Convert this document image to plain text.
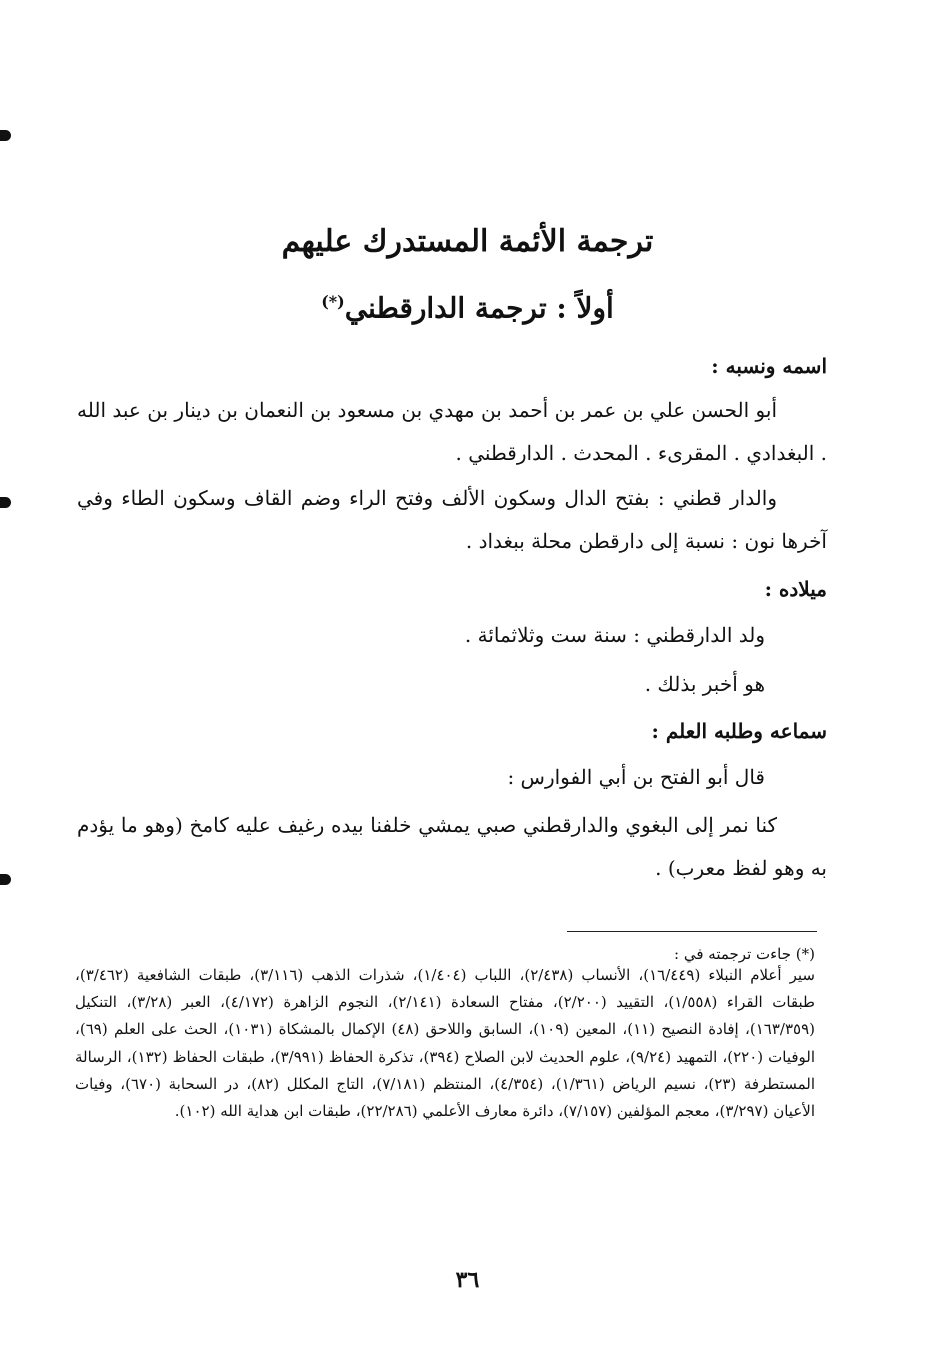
ترجمة الأئمة المستدرك عليهم
أولاً : ترجمة الدارقطني(*)
اسمه ونسبه :

أبو الحسن علي بن عمر بن أحمد بن مهدي بن مسعود بن النعمان بن دينار بن عبد الله . البغدادي . المقرىء . المحدث . الدارقطني .

والدار قطني : بفتح الدال وسكون الألف وفتح الراء وضم القاف وسكون الطاء وفي آخرها نون : نسبة إلى دارقطن محلة ببغداد .

ميلاده :

ولد الدارقطني : سنة ست وثلاثمائة .

هو أخبر بذلك .

سماعه وطلبه العلم :

قال أبو الفتح بن أبي الفوارس :

كنا نمر إلى البغوي والدارقطني صبي يمشي خلفنا بيده رغيف عليه كامخ (وهو ما يؤدم به وهو لفظ معرب) .

(*) جاءت ترجمته في :

سير أعلام النبلاء (١٦/٤٤٩)، الأنساب (٢/٤٣٨)، اللباب (١/٤٠٤)، شذرات الذهب (٣/١١٦)، طبقات الشافعية (٣/٤٦٢)، طبقات القراء (١/٥٥٨)، التقييد (٢/٢٠٠)، مفتاح السعادة (٢/١٤١)، النجوم الزاهرة (٤/١٧٢)، العبر (٣/٢٨)، التنكيل (١٦٣/٣٥٩)، إفادة النصيح (١١)، المعين (١٠٩)، السابق واللاحق (٤٨) الإكمال بالمشكاة (١٠٣١)، الحث على العلم (٦٩)، الوفيات (٢٢٠)، التمهيد (٩/٢٤)، علوم الحديث لابن الصلاح (٣٩٤)، تذكرة الحفاظ (٣/٩٩١)، طبقات الحفاظ (١٣٢)، الرسالة المستطرفة (٢٣)، نسيم الرياض (١/٣٦١)، (٤/٣٥٤)، المنتظم (٧/١٨١)، التاج المكلل (٨٢)، در السحابة (٦٧٠)، وفيات الأعيان (٣/٢٩٧)، معجم المؤلفين (٧/١٥٧)، دائرة معارف الأعلمي (٢٢/٢٨٦)، طبقات ابن هداية الله (١٠٢).

٣٦
